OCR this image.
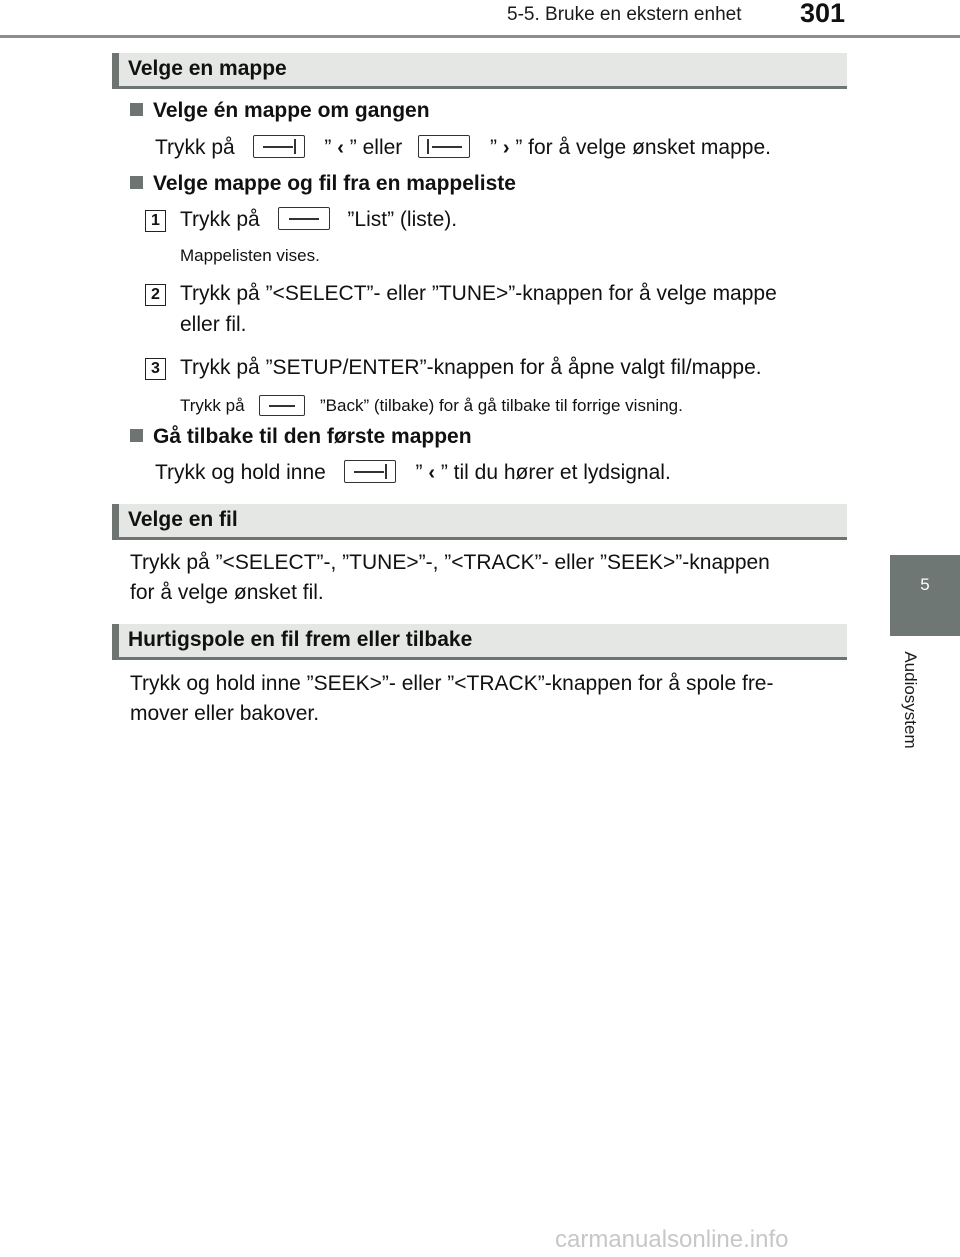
5-5. Bruke en ekstern enhet 301
5
Audiosystem
Velge en mappe
Velge én mappe om gangen
Trykk på	” ‹ ” eller	” › ” for å velge ønsket mappe.
Velge mappe og fil fra en mappeliste
1 Trykk på	”List” (liste).
Mappelisten vises.
2 Trykk på ”<SELECT”- eller ”TUNE>”-knappen for å velge mappe
eller fil.
3 Trykk på ”SETUP/ENTER”-knappen for å åpne valgt fil/mappe.
Trykk på	”Back” (tilbake) for å gå tilbake til forrige visning.
Gå tilbake til den første mappen
Trykk og hold inne	” ‹ ” til du hører et lydsignal.
Velge en fil
Trykk på ”<SELECT”-, ”TUNE>”-, ”<TRACK”- eller ”SEEK>”-knappen
for å velge ønsket fil.
Hurtigspole en fil frem eller tilbake
Trykk og hold inne ”SEEK>”- eller ”<TRACK”-knappen for å spole fre-
mover eller bakover.
carmanualsonline.info
